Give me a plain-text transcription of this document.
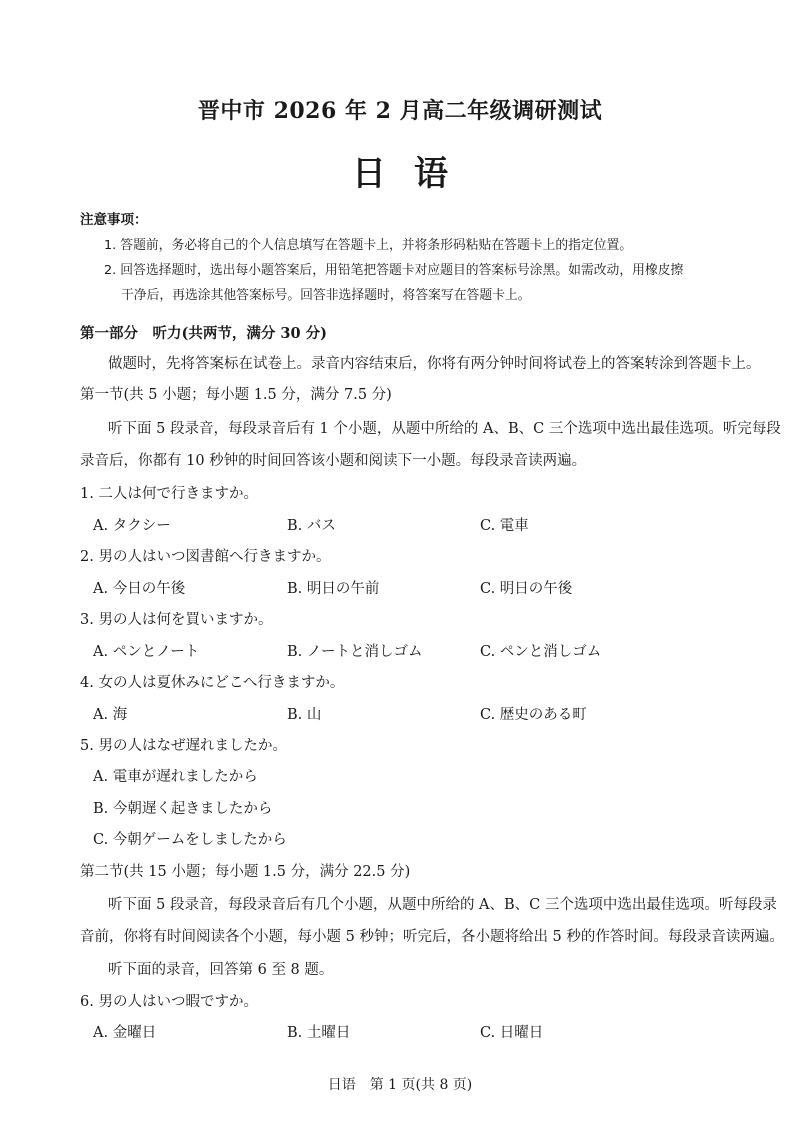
晋中市 2026 年 2 月高二年级调研测试
日语
注意事项：
1. 答题前，务必将自己的个人信息填写在答题卡上，并将条形码粘贴在答题卡上的指定位置。
2. 回答选择题时，选出每小题答案后，用铅笔把答题卡对应题目的答案标号涂黑。如需改动，用橡皮擦
干净后，再选涂其他答案标号。回答非选择题时，将答案写在答题卡上。
第一部分　听力(共两节，满分 30 分)
做题时，先将答案标在试卷上。录音内容结束后，你将有两分钟时间将试卷上的答案转涂到答题卡上。
第一节(共 5 小题；每小题 1.5 分，满分 7.5 分)
听下面 5 段录音，每段录音后有 1 个小题，从题中所给的 A、B、C 三个选项中选出最佳选项。听完每段
录音后，你都有 10 秒钟的时间回答该小题和阅读下一小题。每段录音读两遍。
1. 二人は何で行きますか。
A. タクシー	B. バス	C. 電車
2. 男の人はいつ図書館へ行きますか。
A. 今日の午後	B. 明日の午前	C. 明日の午後
3. 男の人は何を買いますか。
A. ペンとノート	B. ノートと消しゴム	C. ペンと消しゴム
4. 女の人は夏休みにどこへ行きますか。
A. 海	B. 山	C. 歴史のある町
5. 男の人はなぜ遅れましたか。
A. 電車が遅れましたから
B. 今朝遅く起きましたから
C. 今朝ゲームをしましたから
第二节(共 15 小题；每小题 1.5 分，满分 22.5 分)
听下面 5 段录音，每段录音后有几个小题，从题中所给的 A、B、C 三个选项中选出最佳选项。听每段录
音前，你将有时间阅读各个小题，每小题 5 秒钟；听完后，各小题将给出 5 秒的作答时间。每段录音读两遍。
听下面的录音，回答第 6 至 8 题。
6. 男の人はいつ暇ですか。
A. 金曜日	B. 土曜日	C. 日曜日
日语　第 1 页(共 8 页)
